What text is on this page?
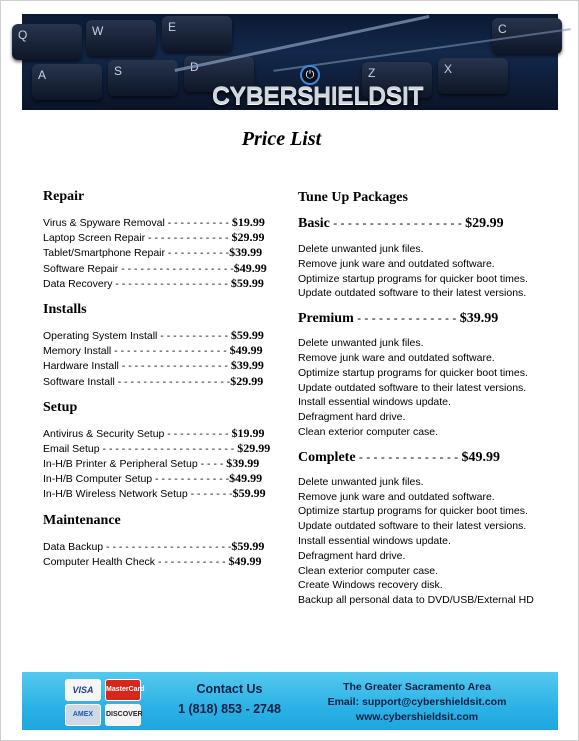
Q	W	E
A	S	Z	X
C
⏻
CYBERSHIELDSIT
Price List
Repair
Virus & Spyware Removal - - - - - - - - - - $19.99
Laptop Screen Repair - - - - - - - - - - - - - $29.99
Tablet/Smartphone Repair - - - - - - - - - -$39.99
Software Repair - - - - - - - - - - - - - - - - - -$49.99
Data Recovery - - - - - - - - - - - - - - - - - - $59.99
Installs
Operating System Install - - - - - - - - - - - $59.99
Memory Install - - - - - - - - - - - - - - - - - - $49.99
Hardware Install - - - - - - - - - - - - - - - - - $39.99
Software Install - - - - - - - - - - - - - - - - - -$29.99
Setup
Antivirus & Security Setup - - - - - - - - - - $19.99
Email Setup - - - - - - - - - - - - - - - - - - - - - $29.99
In-H/B Printer & Peripheral Setup - - - - $39.99
In-H/B Computer Setup - - - - - - - - - - - -$49.99
In-H/B Wireless Network Setup - - - - - - -$59.99
Maintenance
Data Backup - - - - - - - - - - - - - - - - - - - -$59.99
Computer Health Check - - - - - - - - - - - $49.99
Tune Up Packages
Basic - - - - - - - - - - - - - - - - - - $29.99
Delete unwanted junk files.
Remove junk ware and outdated software.
Optimize startup programs for quicker boot times.
Update outdated software to their latest versions.
Premium - - - - - - - - - - - - - - $39.99
Delete unwanted junk files.
Remove junk ware and outdated software.
Optimize startup programs for quicker boot times.
Update outdated software to their latest versions.
Install essential windows update.
Defragment hard drive.
Clean exterior computer case.
Complete - - - - - - - - - - - - - - $49.99
Delete unwanted junk files.
Remove junk ware and outdated software.
Optimize startup programs for quicker boot times.
Update outdated software to their latest versions.
Install essential windows update.
Defragment hard drive.
Clean exterior computer case.
Create Windows recovery disk.
Backup all personal data to DVD/USB/External HD
VISA	MasterCard
AMEX	DISCOVER
Contact Us
1 (818) 853 - 2748
The Greater Sacramento Area
Email: support@cybershieldsit.com
www.cybershieldsit.com
